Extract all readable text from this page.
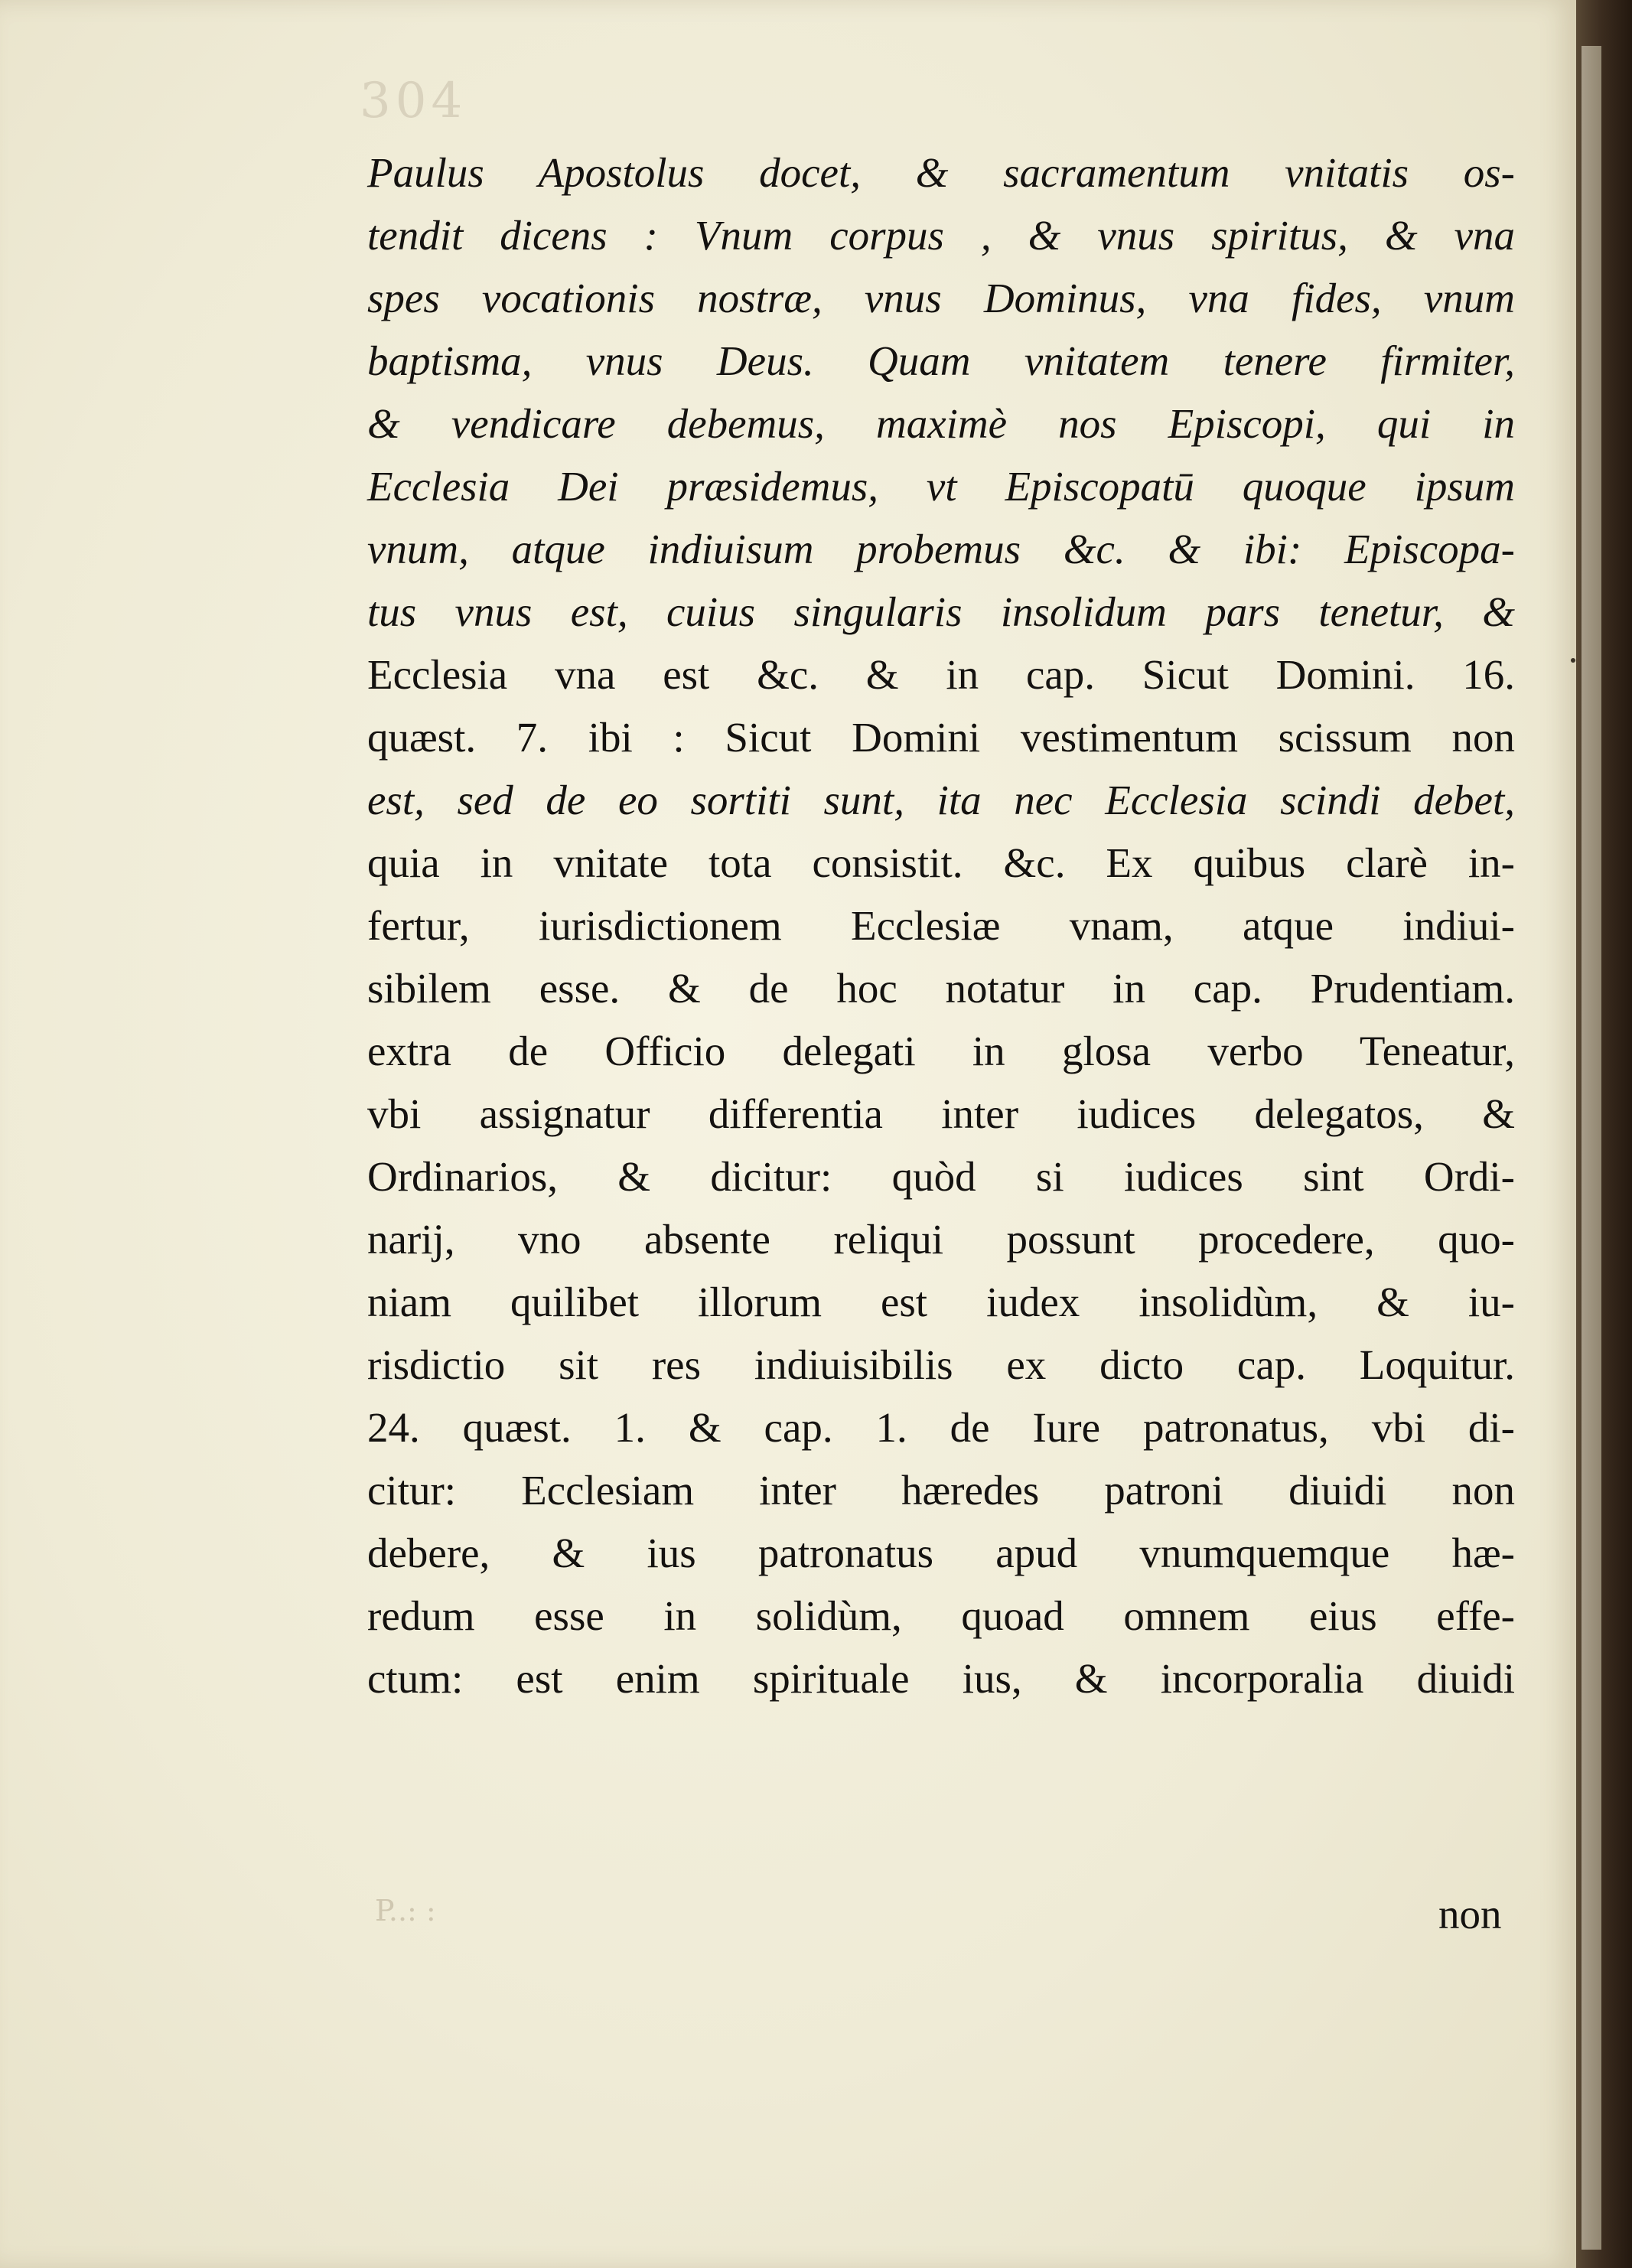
304
Paulus Apostolus docet, & sacramentum vnitatis os-
tendit dicens : Vnum corpus , & vnus spiritus, & vna
spes vocationis nostræ, vnus Dominus, vna fides, vnum
baptisma, vnus Deus. Quam vnitatem tenere firmiter,
& vendicare debemus, maximè nos Episcopi, qui in
Ecclesia Dei præsidemus, vt Episcopatū quoque ipsum
vnum, atque indiuisum probemus &c. & ibi: Episcopa-
tus vnus est, cuius singularis insolidum pars tenetur, &
Ecclesia vna est &c. & in cap. Sicut Domini. 16.
quæst. 7. ibi : Sicut Domini vestimentum scissum non
est, sed de eo sortiti sunt, ita nec Ecclesia scindi debet,
quia in vnitate tota consistit. &c. Ex quibus clarè in-
fertur, iurisdictionem Ecclesiæ vnam, atque indiui-
sibilem esse. & de hoc notatur in cap. Prudentiam.
extra de Officio delegati in glosa verbo Teneatur,
vbi assignatur differentia inter iudices delegatos, &
Ordinarios, & dicitur: quòd si iudices sint Ordi-
narij, vno absente reliqui possunt procedere, quo-
niam quilibet illorum est iudex insolidùm, & iu-
risdictio sit res indiuisibilis ex dicto cap. Loquitur.
24. quæst. 1. & cap. 1. de Iure patronatus, vbi di-
citur: Ecclesiam inter hæredes patroni diuidi non
debere, & ius patronatus apud vnumquemque hæ-
redum esse in solidùm, quoad omnem eius effe-
ctum: est enim spirituale ius, & incorporalia diuidi
P..: :	non
